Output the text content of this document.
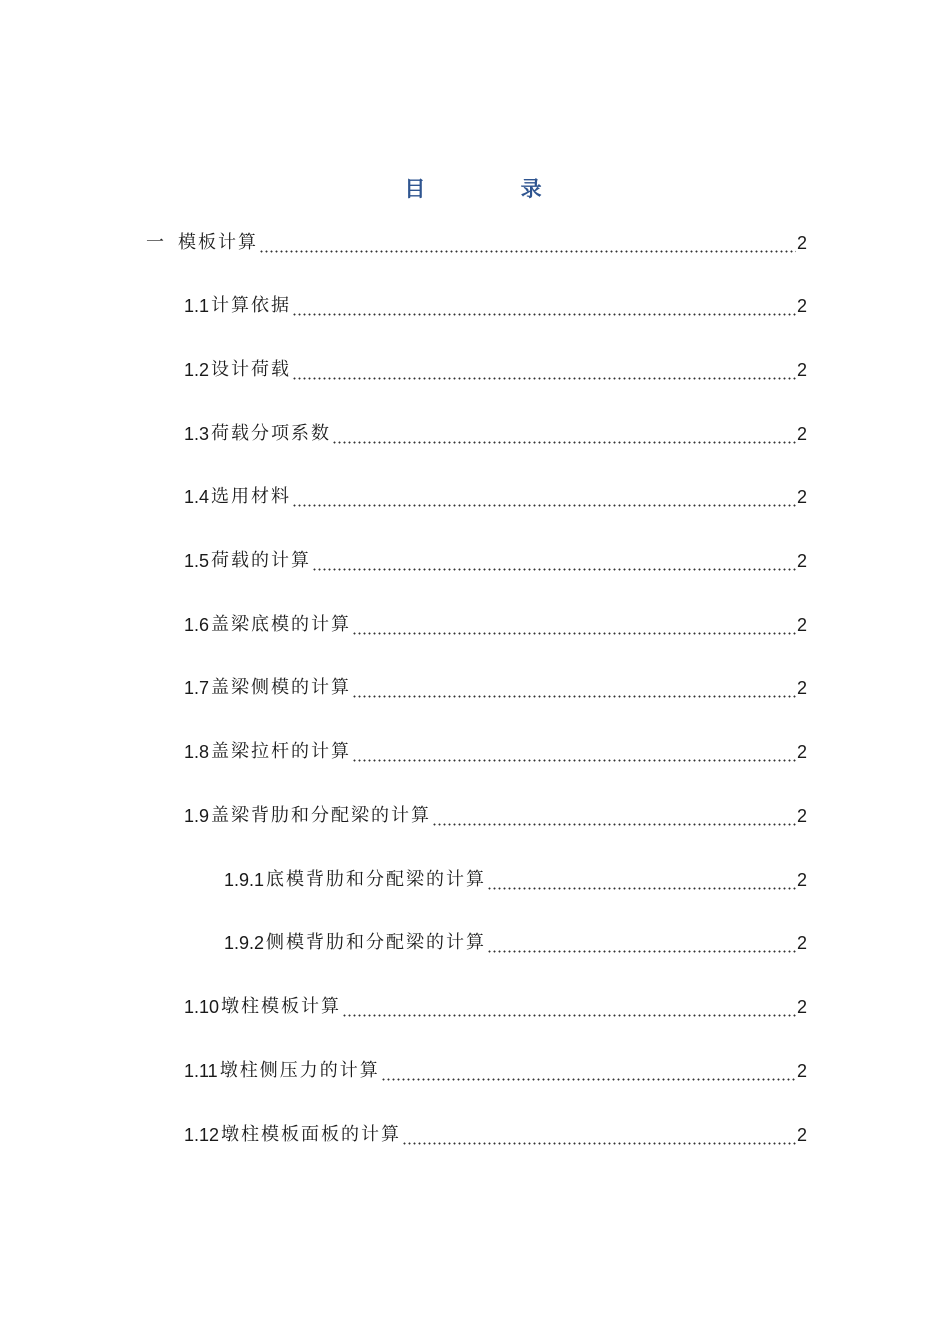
目 录
一 模板计算	2
1.1 计算依据	2
1.2 设计荷载	2
1.3 荷载分项系数	2
1.4 选用材料	2
1.5 荷载的计算	2
1.6 盖梁底模的计算	2
1.7 盖梁侧模的计算	2
1.8 盖梁拉杆的计算	2
1.9 盖梁背肋和分配梁的计算	2
1.9.1 底模背肋和分配梁的计算	2
1.9.2 侧模背肋和分配梁的计算	2
1.10 墩柱模板计算	2
1.11 墩柱侧压力的计算	2
1.12 墩柱模板面板的计算	2
